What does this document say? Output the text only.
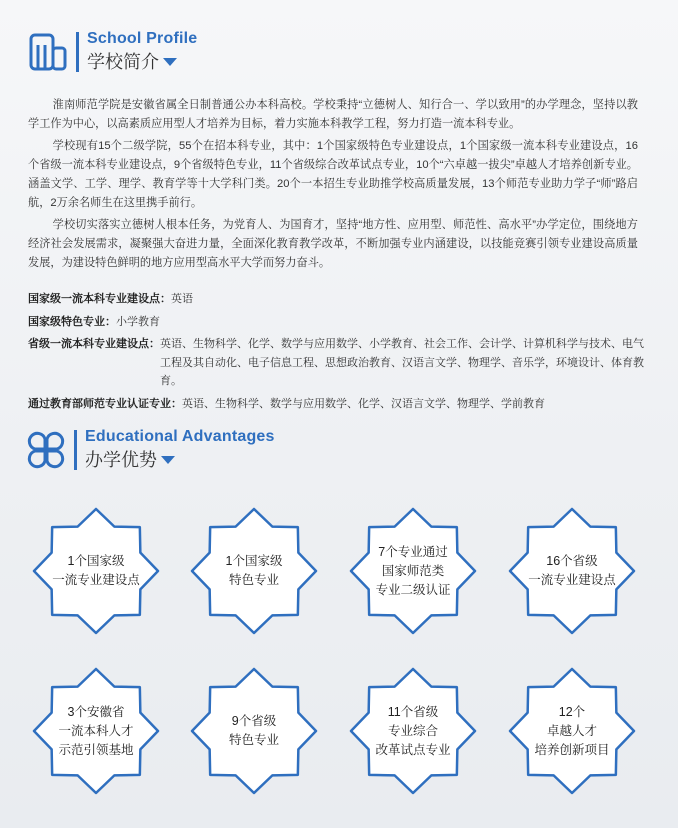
School Profile
学校简介

淮南师范学院是安徽省属全日制普通公办本科高校。学校秉持“立德树人、知行合一、学以致用”的办学理念，坚持以教学工作为中心，以高素质应用型人才培养为目标，着力实施本科教学工程，努力打造一流本科专业。

学校现有15个二级学院，55个在招本科专业，其中：1个国家级特色专业建设点，1个国家级一流本科专业建设点，16个省级一流本科专业建设点，9个省级特色专业，11个省级综合改革试点专业，10个“六卓越一拔尖”卓越人才培养创新专业。涵盖文学、工学、理学、教育学等十大学科门类。20个一本招生专业助推学校高质量发展，13个师范专业助力学子“师”路启航，2万余名师生在这里携手前行。

学校切实落实立德树人根本任务，为党育人、为国育才，坚持“地方性、应用型、师范性、高水平”办学定位，围绕地方经济社会发展需求，凝聚强大奋进力量，全面深化教育教学改革，不断加强专业内涵建设，以技能竞赛引领专业建设高质量发展，为建设特色鲜明的地方应用型高水平大学而努力奋斗。

国家级一流本科专业建设点： 英语
国家级特色专业： 小学教育
省级一流本科专业建设点： 英语、生物科学、化学、数学与应用数学、小学教育、社会工作、会计学、计算机科学与技术、电气工程及其自动化、电子信息工程、思想政治教育、汉语言文学、物理学、音乐学，环境设计、体育教育。
通过教育部师范专业认证专业： 英语、生物科学、数学与应用数学、化学、汉语言文学、物理学、学前教育
Educational Advantages
办学优势
1个国家级
一流专业建设点
1个国家级
特色专业
7个专业通过
国家师范类
专业二级认证
16个省级
一流专业建设点
3个安徽省
一流本科人才
示范引领基地
9个省级
特色专业
11个省级
专业综合
改革试点专业
12个
卓越人才
培养创新项目
